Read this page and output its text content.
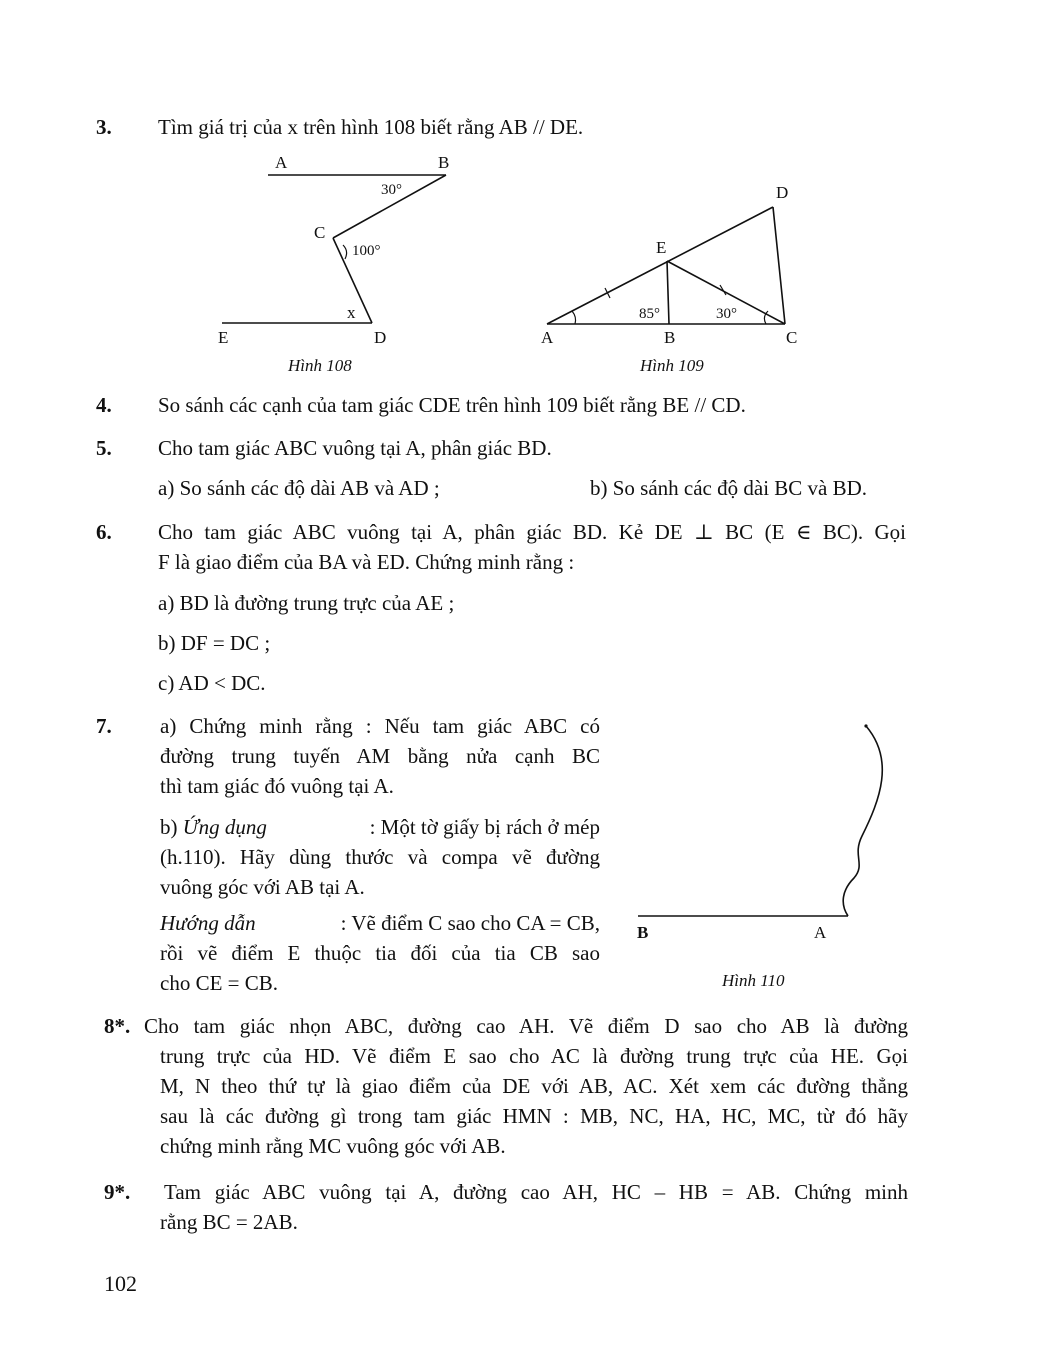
3. Tìm giá trị của x trên hình 108 biết rằng AB // DE.
A	B
C
D
E
x
30°
100°
Hình 108
A	B	C
D
E
85°	30°
Hình 109
4. So sánh các cạnh của tam giác CDE trên hình 109 biết rằng BE // CD.
5. Cho tam giác ABC vuông tại A, phân giác BD.
a) So sánh các độ dài AB và AD ;	b) So sánh các độ dài BC và BD.
6. Cho tam giác ABC vuông tại A, phân giác BD. Kẻ DE ⊥ BC (E ∈ BC). Gọi
F là giao điểm của BA và ED. Chứng minh rằng :
a) BD là đường trung trực của AE ;
b) DF = DC ;
c) AD < DC.
7. a) Chứng minh rằng : Nếu tam giác ABC có
đường trung tuyến AM bằng nửa cạnh BC
thì tam giác đó vuông tại A.
b) Ứng dụng	: Một tờ giấy bị rách ở mép
(h.110). Hãy dùng thước và compa vẽ đường
vuông góc với AB tại A.
Hướng dẫn	: Vẽ điểm C sao cho CA = CB,
rồi vẽ điểm E thuộc tia đối của tia CB sao
cho CE = CB.
B	A
Hình 110
8*. Cho tam giác nhọn ABC, đường cao AH. Vẽ điểm D sao cho AB là đường
trung trực của HD. Vẽ điểm E sao cho AC là đường trung trực của HE. Gọi
M, N theo thứ tự là giao điểm của DE với AB, AC. Xét xem các đường thẳng
sau là các đường gì trong tam giác HMN : MB, NC, HA, HC, MC, từ đó hãy
chứng minh rằng MC vuông góc với AB.
9*. Tam giác ABC vuông tại A, đường cao AH, HC – HB = AB. Chứng minh
rằng BC = 2AB.
102
